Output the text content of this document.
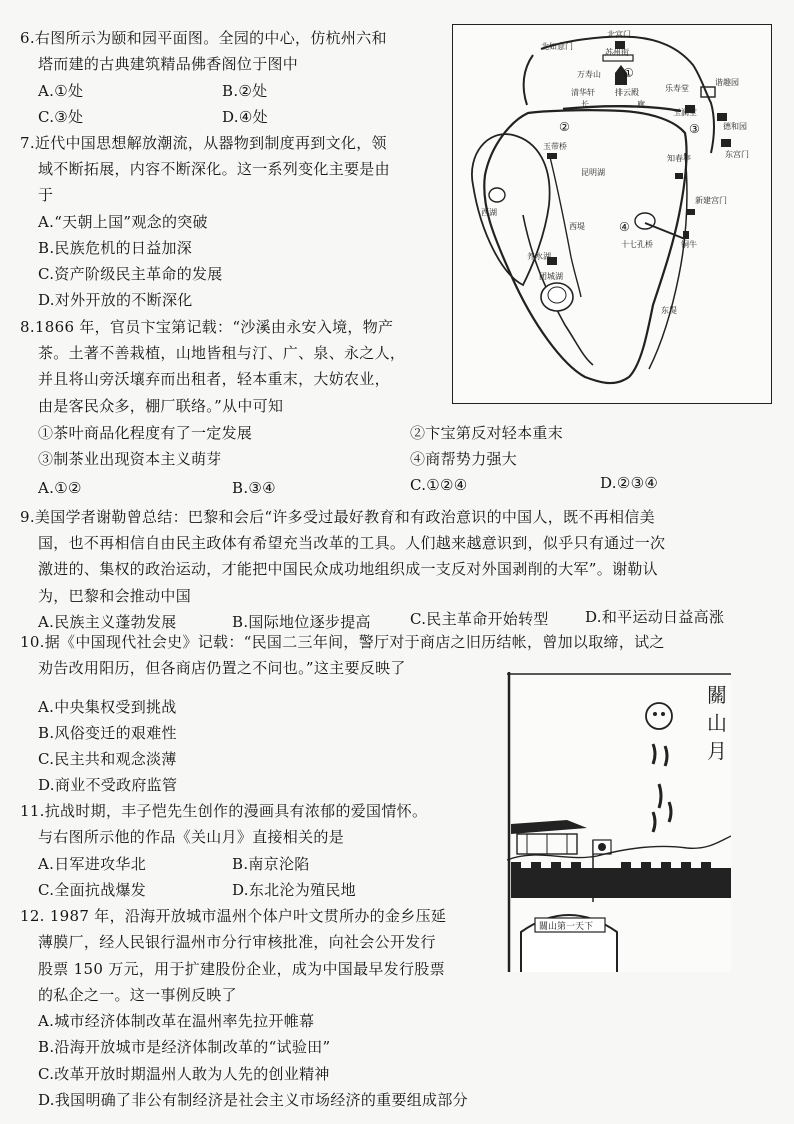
6.右图所示为颐和园平面图。全园的中心，仿杭州六和
塔而建的古典建筑精品佛香阁位于图中
A.①处	B.②处
C.③处	D.④处
7.近代中国思想解放潮流，从器物到制度再到文化，领
域不断拓展，内容不断深化。这一系列变化主要是由
于
A.“天朝上国”观念的突破
B.民族危机的日益加深
C.资产阶级民主革命的发展
D.对外开放的不断深化
8.1866 年，官员卞宝第记载：“沙溪由永安入境，物产
茶。土著不善栽植，山地皆租与汀、广、泉、永之人，
并且将山旁沃壤弃而出租者，轻本重末，大妨农业，
由是客民众多，棚厂联络。”从中可知
①茶叶商品化程度有了一定发展	②卞宝第反对轻本重末
③制茶业出现资本主义萌芽	④商帮势力强大
A.①②	B.③④	C.①②④	D.②③④
9.美国学者谢勒曾总结：巴黎和会后“许多受过最好教育和有政治意识的中国人，既不再相信美
国，也不再相信自由民主政体有希望充当改革的工具。人们越来越意识到，似乎只有通过一次
激进的、集权的政治运动，才能把中国民众成功地组织成一支反对外国剥削的大军”。谢勒认
为，巴黎和会推动中国
A.民族主义蓬勃发展	B.国际地位逐步提高	C.民主革命开始转型 D.和平运动日益高涨
10.据《中国现代社会史》记载：“民国二三年间，警厅对于商店之旧历结帐，曾加以取缔，试之
劝告改用阳历，但各商店仍置之不问也。”这主要反映了
A.中央集权受到挑战
B.风俗变迁的艰难性
C.民主共和观念淡薄
D.商业不受政府监管
11.抗战时期，丰子恺先生创作的漫画具有浓郁的爱国情怀。
与右图所示他的作品《关山月》直接相关的是
A.日军进攻华北	B.南京沦陷
C.全面抗战爆发	D.东北沦为殖民地
12. 1987 年，沿海开放城市温州个体户叶文贯所办的金乡压延
薄膜厂，经人民银行温州市分行审核批准，向社会公开发行
股票 150 万元，用于扩建股份企业，成为中国最早发行股票
的私企之一。这一事例反映了
A.城市经济体制改革在温州率先拉开帷幕
B.沿海开放城市是经济体制改革的“试验田”
C.改革开放时期温州人敢为人先的创业精神
D.我国明确了非公有制经济是社会主义市场经济的重要组成部分
北宫门
北如意门
苏州街
万寿山
清华轩	排云殿
长	廊
乐寿堂
谐趣园
玉澜堂
德和园
东宫门
玉带桥
昆明湖
知春亭
西湖
西堤
新建宫门
十七孔桥	铜牛
养水湖
团城湖
东堤
①
②	③
④
關
山
月
關山第一天下
